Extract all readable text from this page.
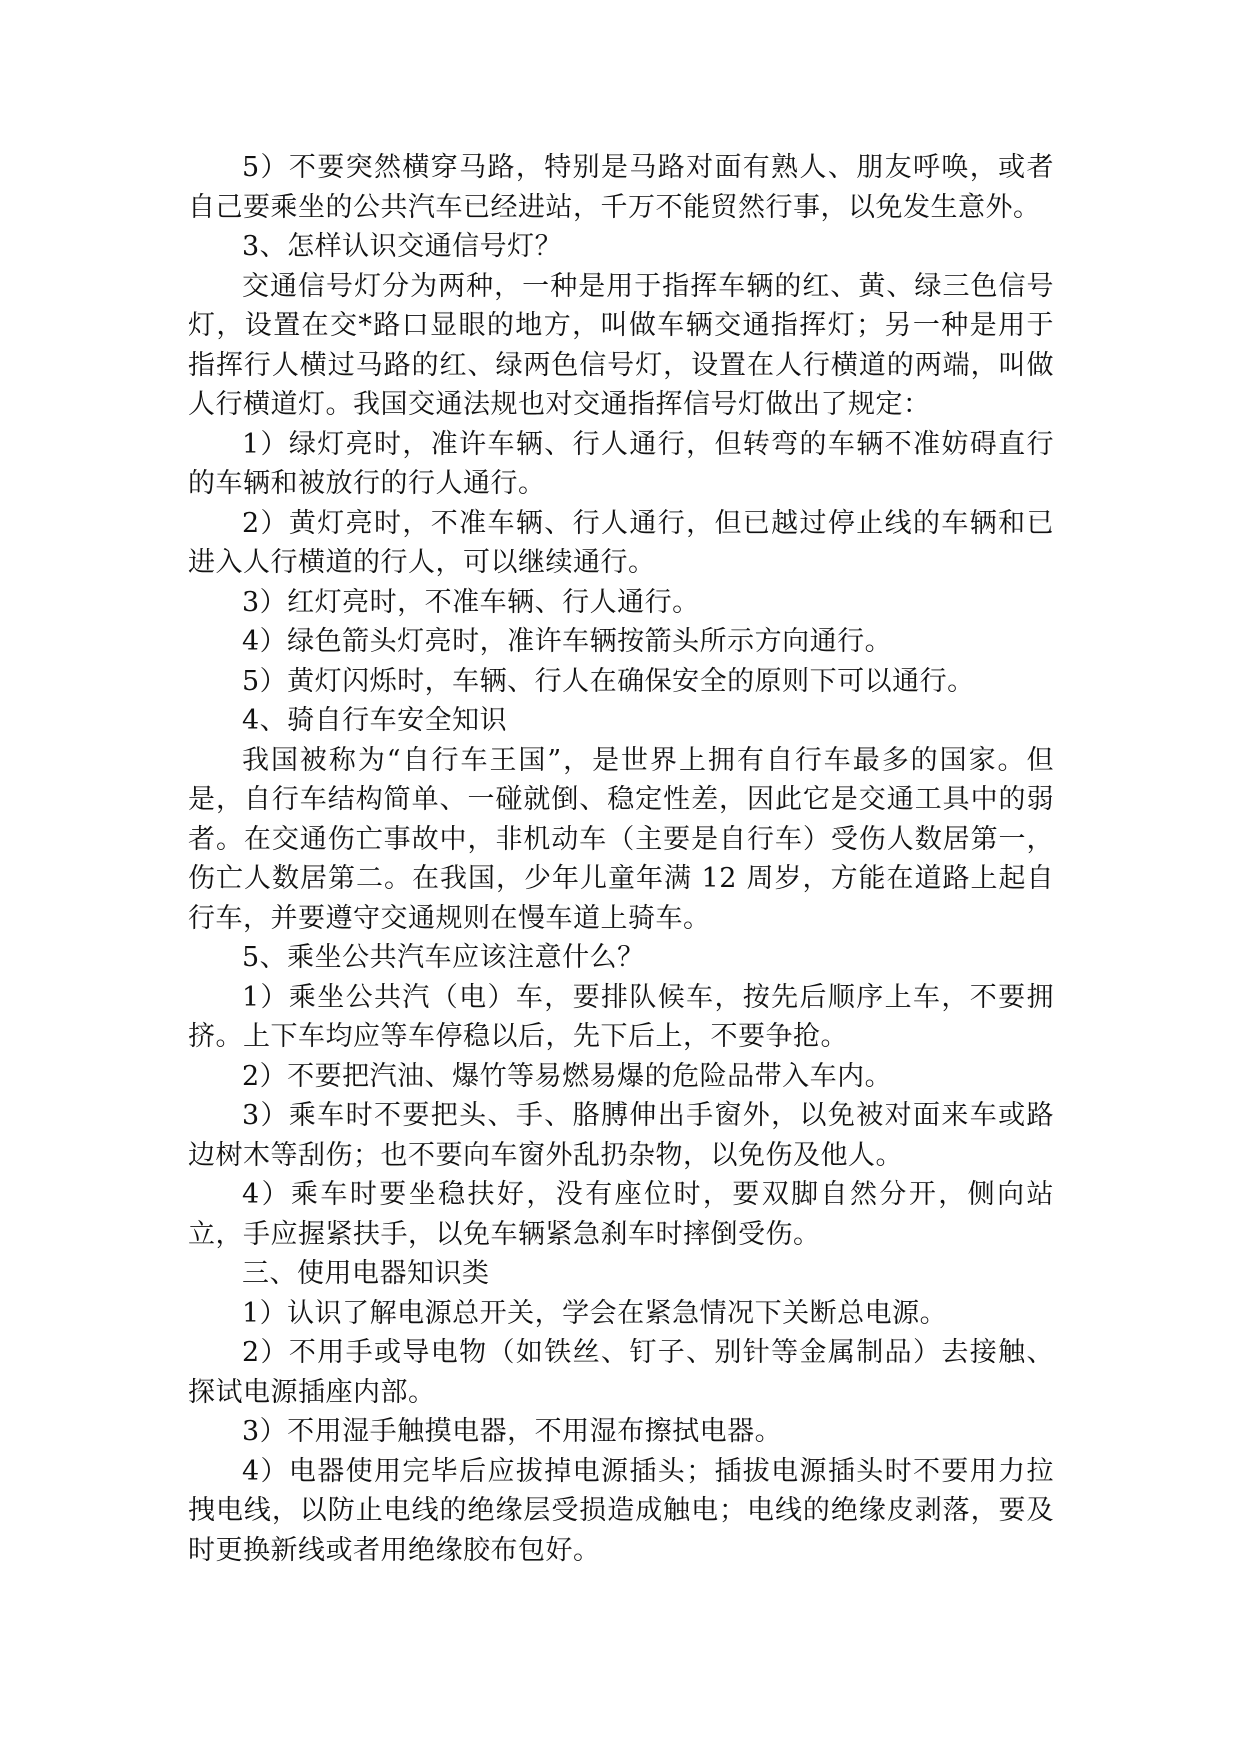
5）不要突然横穿马路，特别是马路对面有熟人、朋友呼唤，或者自己要乘坐的公共汽车已经进站，千万不能贸然行事，以免发生意外。

3、怎样认识交通信号灯？

交通信号灯分为两种，一种是用于指挥车辆的红、黄、绿三色信号灯，设置在交*路口显眼的地方，叫做车辆交通指挥灯；另一种是用于指挥行人横过马路的红、绿两色信号灯，设置在人行横道的两端，叫做人行横道灯。我国交通法规也对交通指挥信号灯做出了规定：

1）绿灯亮时，准许车辆、行人通行，但转弯的车辆不准妨碍直行的车辆和被放行的行人通行。

2）黄灯亮时，不准车辆、行人通行，但已越过停止线的车辆和已进入人行横道的行人，可以继续通行。

3）红灯亮时，不准车辆、行人通行。

4）绿色箭头灯亮时，准许车辆按箭头所示方向通行。

5）黄灯闪烁时，车辆、行人在确保安全的原则下可以通行。

4、骑自行车安全知识

我国被称为“自行车王国”，是世界上拥有自行车最多的国家。但是，自行车结构简单、一碰就倒、稳定性差，因此它是交通工具中的弱者。在交通伤亡事故中，非机动车（主要是自行车）受伤人数居第一，伤亡人数居第二。在我国，少年儿童年满 12 周岁，方能在道路上起自行车，并要遵守交通规则在慢车道上骑车。

5、乘坐公共汽车应该注意什么？

1）乘坐公共汽（电）车，要排队候车，按先后顺序上车，不要拥挤。上下车均应等车停稳以后，先下后上，不要争抢。

2）不要把汽油、爆竹等易燃易爆的危险品带入车内。

3）乘车时不要把头、手、胳膊伸出手窗外，以免被对面来车或路边树木等刮伤；也不要向车窗外乱扔杂物，以免伤及他人。

4）乘车时要坐稳扶好，没有座位时，要双脚自然分开，侧向站立，手应握紧扶手，以免车辆紧急刹车时摔倒受伤。

三、使用电器知识类

1）认识了解电源总开关，学会在紧急情况下关断总电源。

2）不用手或导电物（如铁丝、钉子、别针等金属制品）去接触、探试电源插座内部。

3）不用湿手触摸电器，不用湿布擦拭电器。

4）电器使用完毕后应拔掉电源插头；插拔电源插头时不要用力拉拽电线，以防止电线的绝缘层受损造成触电；电线的绝缘皮剥落，要及时更换新线或者用绝缘胶布包好。
